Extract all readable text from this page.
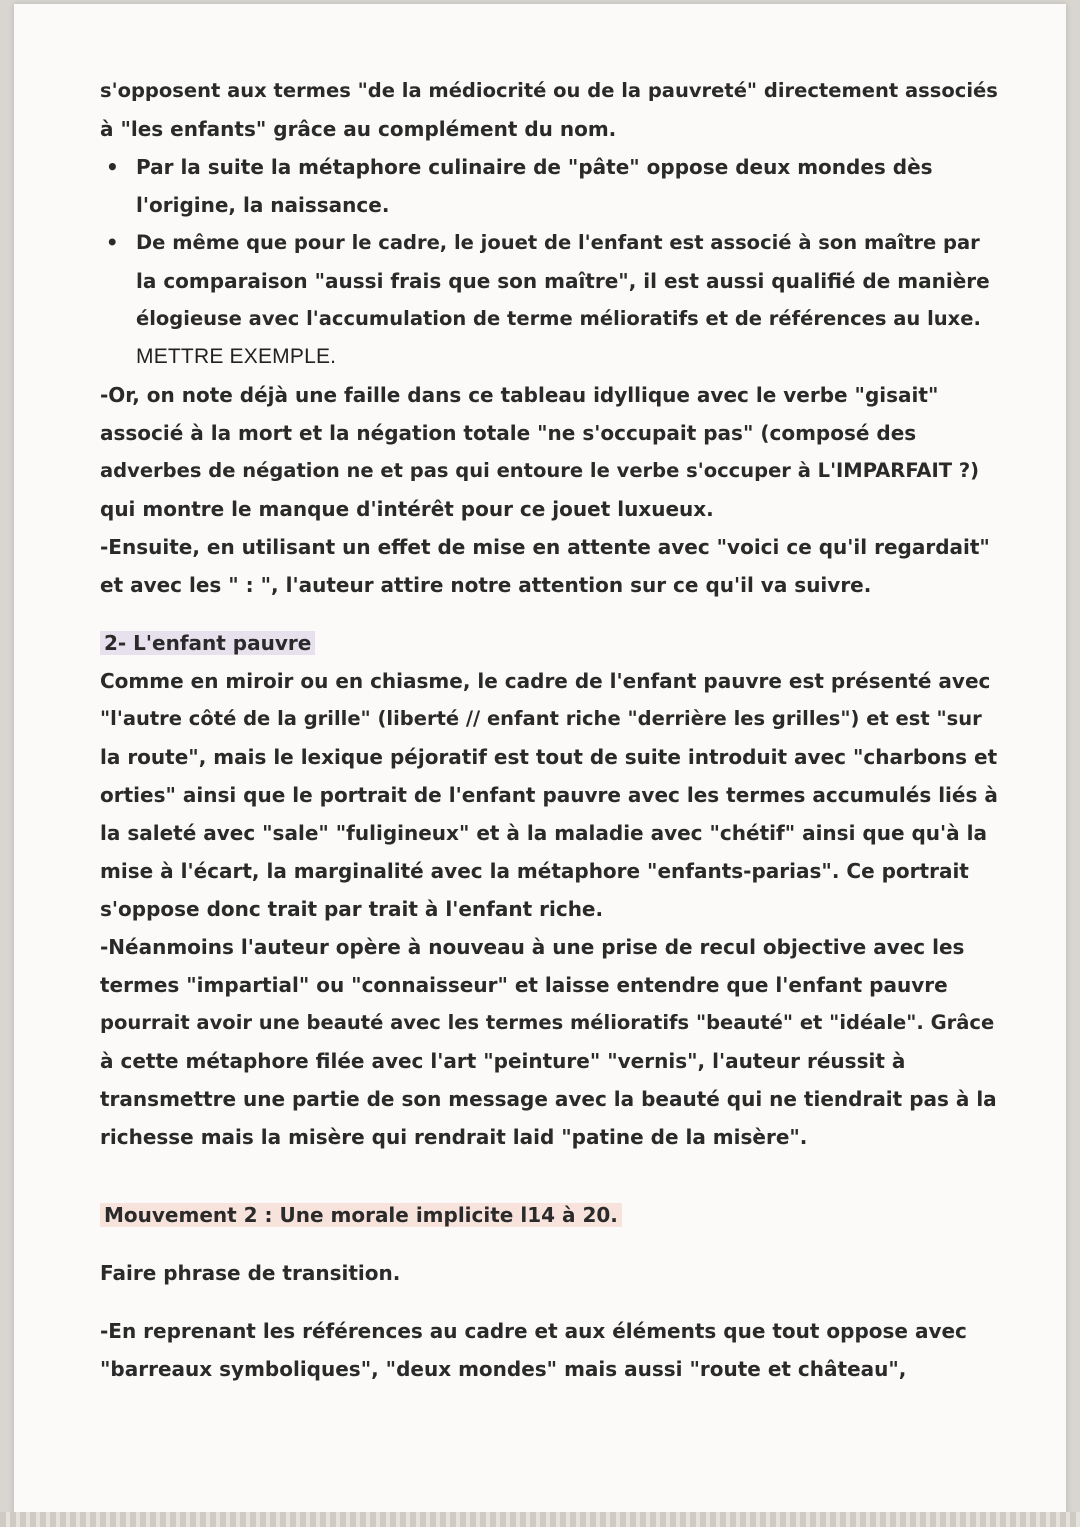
s'opposent aux termes "de la médiocrité ou de la pauvreté" directement associés
à "les enfants" grâce au complément du nom.
• Par la suite la métaphore culinaire de "pâte" oppose deux mondes dès
l'origine, la naissance.
• De même que pour le cadre, le jouet de l'enfant est associé à son maître par
la comparaison "aussi frais que son maître", il est aussi qualifié de manière
élogieuse avec l'accumulation de terme mélioratifs et de références au luxe.
METTRE EXEMPLE.
-Or, on note déjà une faille dans ce tableau idyllique avec le verbe "gisait"
associé à la mort et la négation totale "ne s'occupait pas" (composé des
adverbes de négation ne et pas qui entoure le verbe s'occuper à L'IMPARFAIT ?)
qui montre le manque d'intérêt pour ce jouet luxueux.
-Ensuite, en utilisant un effet de mise en attente avec "voici ce qu'il regardait"
et avec les " : ", l'auteur attire notre attention sur ce qu'il va suivre.
2- L'enfant pauvre
Comme en miroir ou en chiasme, le cadre de l'enfant pauvre est présenté avec
"l'autre côté de la grille" (liberté // enfant riche "derrière les grilles") et est "sur
la route", mais le lexique péjoratif est tout de suite introduit avec "charbons et
orties" ainsi que le portrait de l'enfant pauvre avec les termes accumulés liés à
la saleté avec "sale" "fuligineux" et à la maladie avec "chétif" ainsi que qu'à la
mise à l'écart, la marginalité avec la métaphore "enfants-parias". Ce portrait
s'oppose donc trait par trait à l'enfant riche.
-Néanmoins l'auteur opère à nouveau à une prise de recul objective avec les
termes "impartial" ou "connaisseur" et laisse entendre que l'enfant pauvre
pourrait avoir une beauté avec les termes mélioratifs "beauté" et "idéale". Grâce
à cette métaphore filée avec l'art "peinture" "vernis", l'auteur réussit à
transmettre une partie de son message avec la beauté qui ne tiendrait pas à la
richesse mais la misère qui rendrait laid "patine de la misère".
Mouvement 2 : Une morale implicite l14 à 20.
Faire phrase de transition.
-En reprenant les références au cadre et aux éléments que tout oppose avec
"barreaux symboliques", "deux mondes" mais aussi "route et château",
